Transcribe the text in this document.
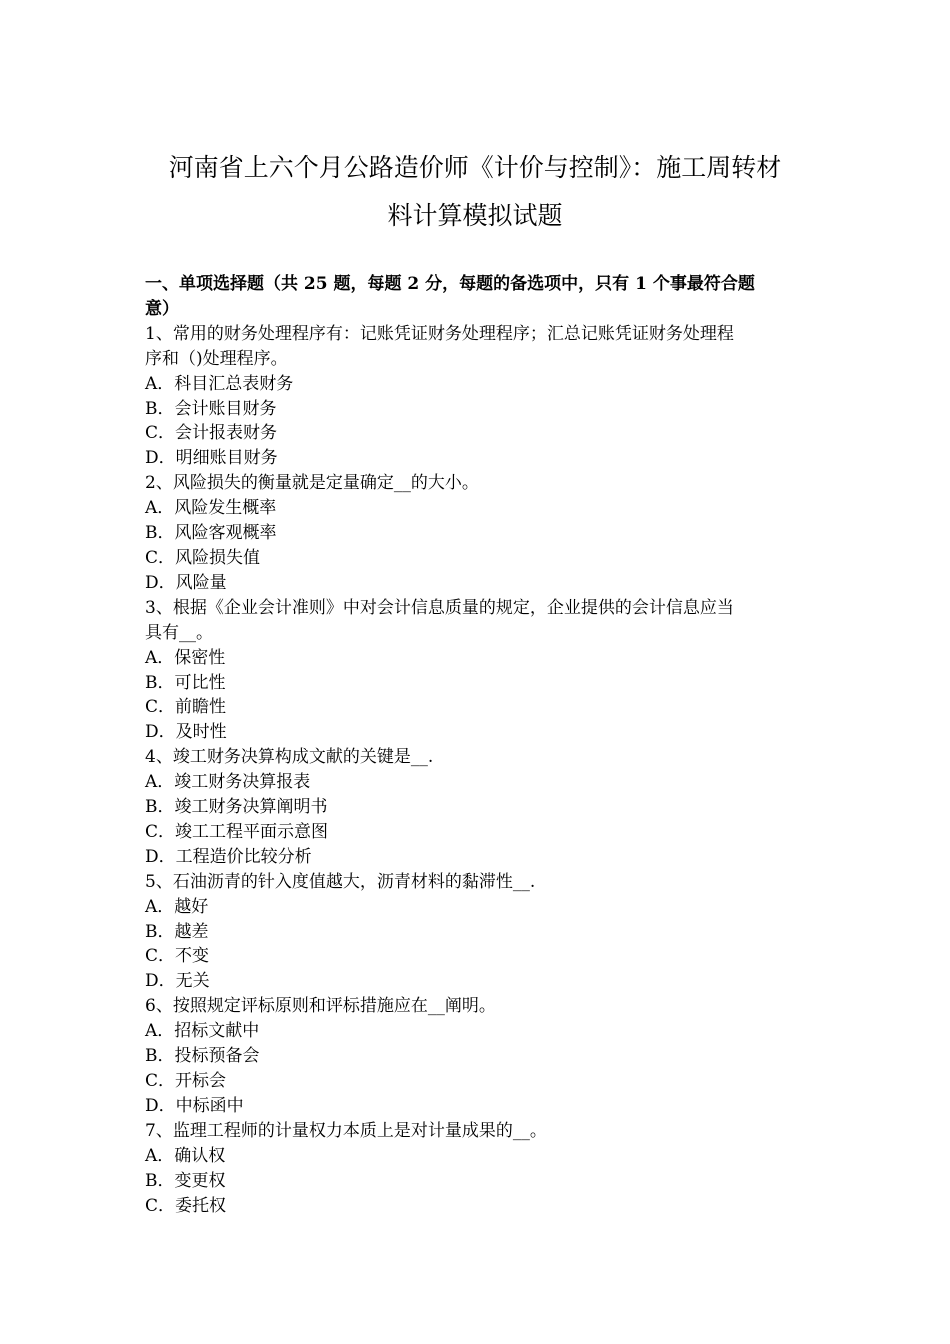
河南省上六个月公路造价师《计价与控制》：施工周转材
料计算模拟试题
一、单项选择题（共 25 题，每题 2 分，每题的备选项中，只有 1 个事最符合题
意）
1、常用的财务处理程序有：记账凭证财务处理程序；汇总记账凭证财务处理程
序和（)处理程序。
A．科目汇总表财务
B．会计账目财务
C．会计报表财务
D．明细账目财务
2、风险损失的衡量就是定量确定__的大小。
A．风险发生概率
B．风险客观概率
C．风险损失值
D．风险量
3、根据《企业会计准则》中对会计信息质量的规定，企业提供的会计信息应当
具有__。
A．保密性
B．可比性
C．前瞻性
D．及时性
4、竣工财务决算构成文献的关键是__.
A．竣工财务决算报表
B．竣工财务决算阐明书
C．竣工工程平面示意图
D．工程造价比较分析
5、石油沥青的针入度值越大，沥青材料的黏滞性__.
A．越好
B．越差
C．不变
D．无关
6、按照规定评标原则和评标措施应在__阐明。
A．招标文献中
B．投标预备会
C．开标会
D．中标函中
7、监理工程师的计量权力本质上是对计量成果的__。
A．确认权
B．变更权
C．委托权
